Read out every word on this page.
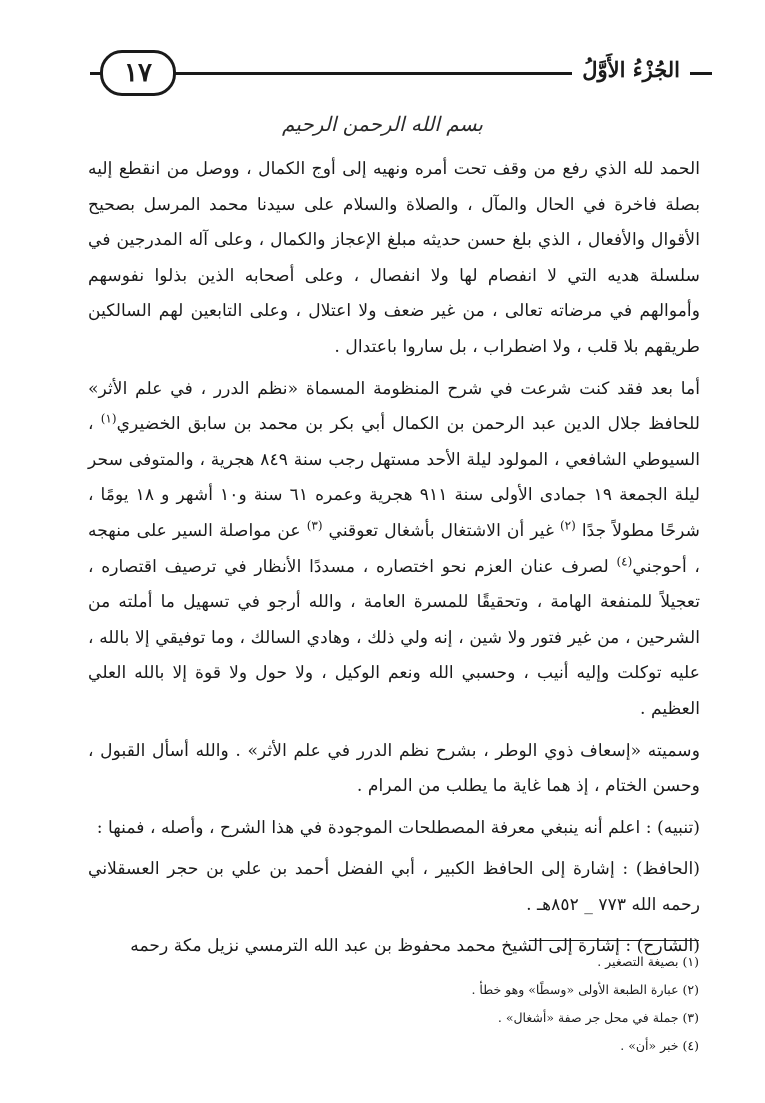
الجُزْءُ الأَوَّلُ
١٧
بسم الله الرحمن الرحيم

الحمد لله الذي رفع من وقف تحت أمره ونهيه إلى أوج الكمال ، ووصل من انقطع إليه بصلة فاخرة في الحال والمآل ، والصلاة والسلام على سيدنا محمد المرسل بصحيح الأقوال والأفعال ، الذي بلغ حسن حديثه مبلغ الإعجاز والكمال ، وعلى آله المدرجين في سلسلة هديه التي لا انفصام لها ولا انفصال ، وعلى أصحابه الذين بذلوا نفوسهم وأموالهم في مرضاته تعالى ، من غير ضعف ولا اعتلال ، وعلى التابعين لهم السالكين طريقهم بلا قلب ، ولا اضطراب ، بل ساروا باعتدال .

أما بعد فقد كنت شرعت في شرح المنظومة المسماة «نظم الدرر ، في علم الأثر» للحافظ جلال الدين عبد الرحمن بن الكمال أبي بكر بن محمد بن سابق الخضيري$^{(١)}$ ، السيوطي الشافعي ، المولود ليلة الأحد مستهل رجب سنة ٨٤٩ هجرية ، والمتوفى سحر ليلة الجمعة ١٩ جمادى الأولى سنة ٩١١ هجرية وعمره ٦١ سنة و١٠ أشهر و ١٨ يومًا ، شرحًا مطولاً جدًا $^{(٢)}$ غير أن الاشتغال بأشغال تعوقني $^{(٣)}$ عن مواصلة السير على منهجه ، أحوجني$^{(٤)}$ لصرف عنان العزم نحو اختصاره ، مسددًا الأنظار في ترصيف اقتصاره ، تعجيلاً للمنفعة الهامة ، وتحقيقًا للمسرة العامة ، والله أرجو في تسهيل ما أملته من الشرحين ، من غير فتور ولا شين ، إنه ولي ذلك ، وهادي السالك ، وما توفيقي إلا بالله ، عليه توكلت وإليه أنيب ، وحسبي الله ونعم الوكيل ، ولا حول ولا قوة إلا بالله العلي العظيم .

وسميته «إسعاف ذوي الوطر ، بشرح نظم الدرر في علم الأثر» . والله أسأل القبول ، وحسن الختام ، إذ هما غاية ما يطلب من المرام .

(تنبيه) : اعلم أنه ينبغي معرفة المصطلحات الموجودة في هذا الشرح ، وأصله ، فمنها :

(الحافظ) : إشارة إلى الحافظ الكبير ، أبي الفضل أحمد بن علي بن حجر العسقلاني رحمه الله ٧٧٣ _ ٨٥٢هـ .

(الشارح) : إشارة إلى الشيخ محمد محفوظ بن عبد الله الترمسي نزيل مكة رحمه

(١) بصيغة التصغير .
(٢) عبارة الطبعة الأولى «وسطًا» وهو خطأ .
(٣) جملة في محل جر صفة «أشغال» .
(٤) خبر «أن» .
